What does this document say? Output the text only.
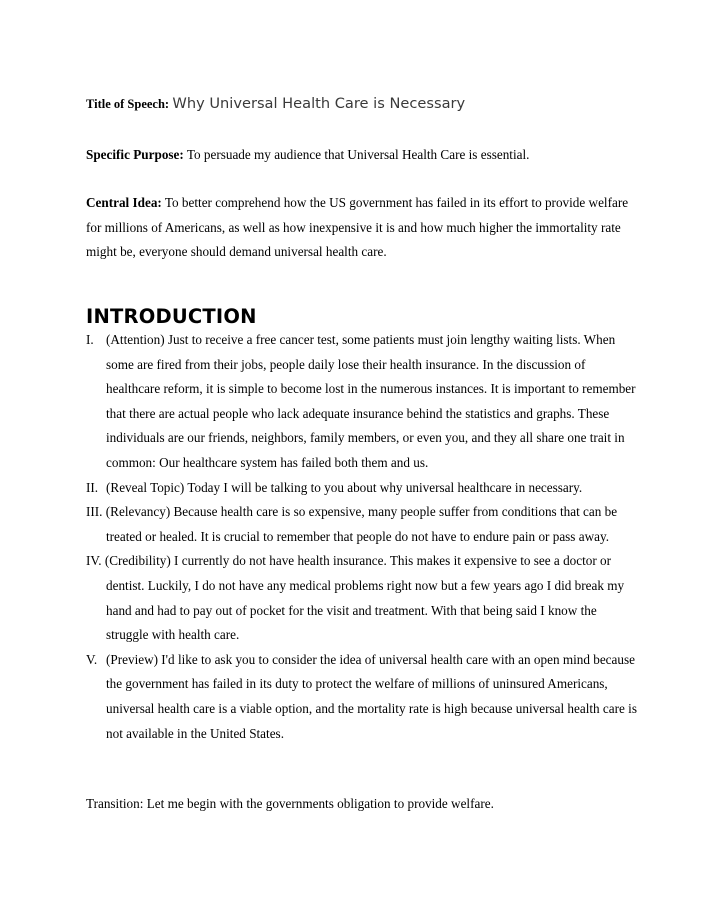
Title of Speech: Why Universal Health Care is Necessary
Specific Purpose: To persuade my audience that Universal Health Care is essential.
Central Idea: To better comprehend how the US government has failed in its effort to provide welfare for millions of Americans, as well as how inexpensive it is and how much higher the immortality rate might be, everyone should demand universal health care.
INTRODUCTION
I. (Attention) Just to receive a free cancer test, some patients must join lengthy waiting lists. When some are fired from their jobs, people daily lose their health insurance. In the discussion of healthcare reform, it is simple to become lost in the numerous instances. It is important to remember that there are actual people who lack adequate insurance behind the statistics and graphs. These individuals are our friends, neighbors, family members, or even you, and they all share one trait in common: Our healthcare system has failed both them and us.
II. (Reveal Topic) Today I will be talking to you about why universal healthcare in necessary.
III. (Relevancy) Because health care is so expensive, many people suffer from conditions that can be treated or healed. It is crucial to remember that people do not have to endure pain or pass away.
IV. (Credibility) I currently do not have health insurance. This makes it expensive to see a doctor or dentist. Luckily, I do not have any medical problems right now but a few years ago I did break my hand and had to pay out of pocket for the visit and treatment. With that being said I know the struggle with health care.
V. (Preview) I'd like to ask you to consider the idea of universal health care with an open mind because the government has failed in its duty to protect the welfare of millions of uninsured Americans, universal health care is a viable option, and the mortality rate is high because universal health care is not available in the United States.
Transition: Let me begin with the governments obligation to provide welfare.
